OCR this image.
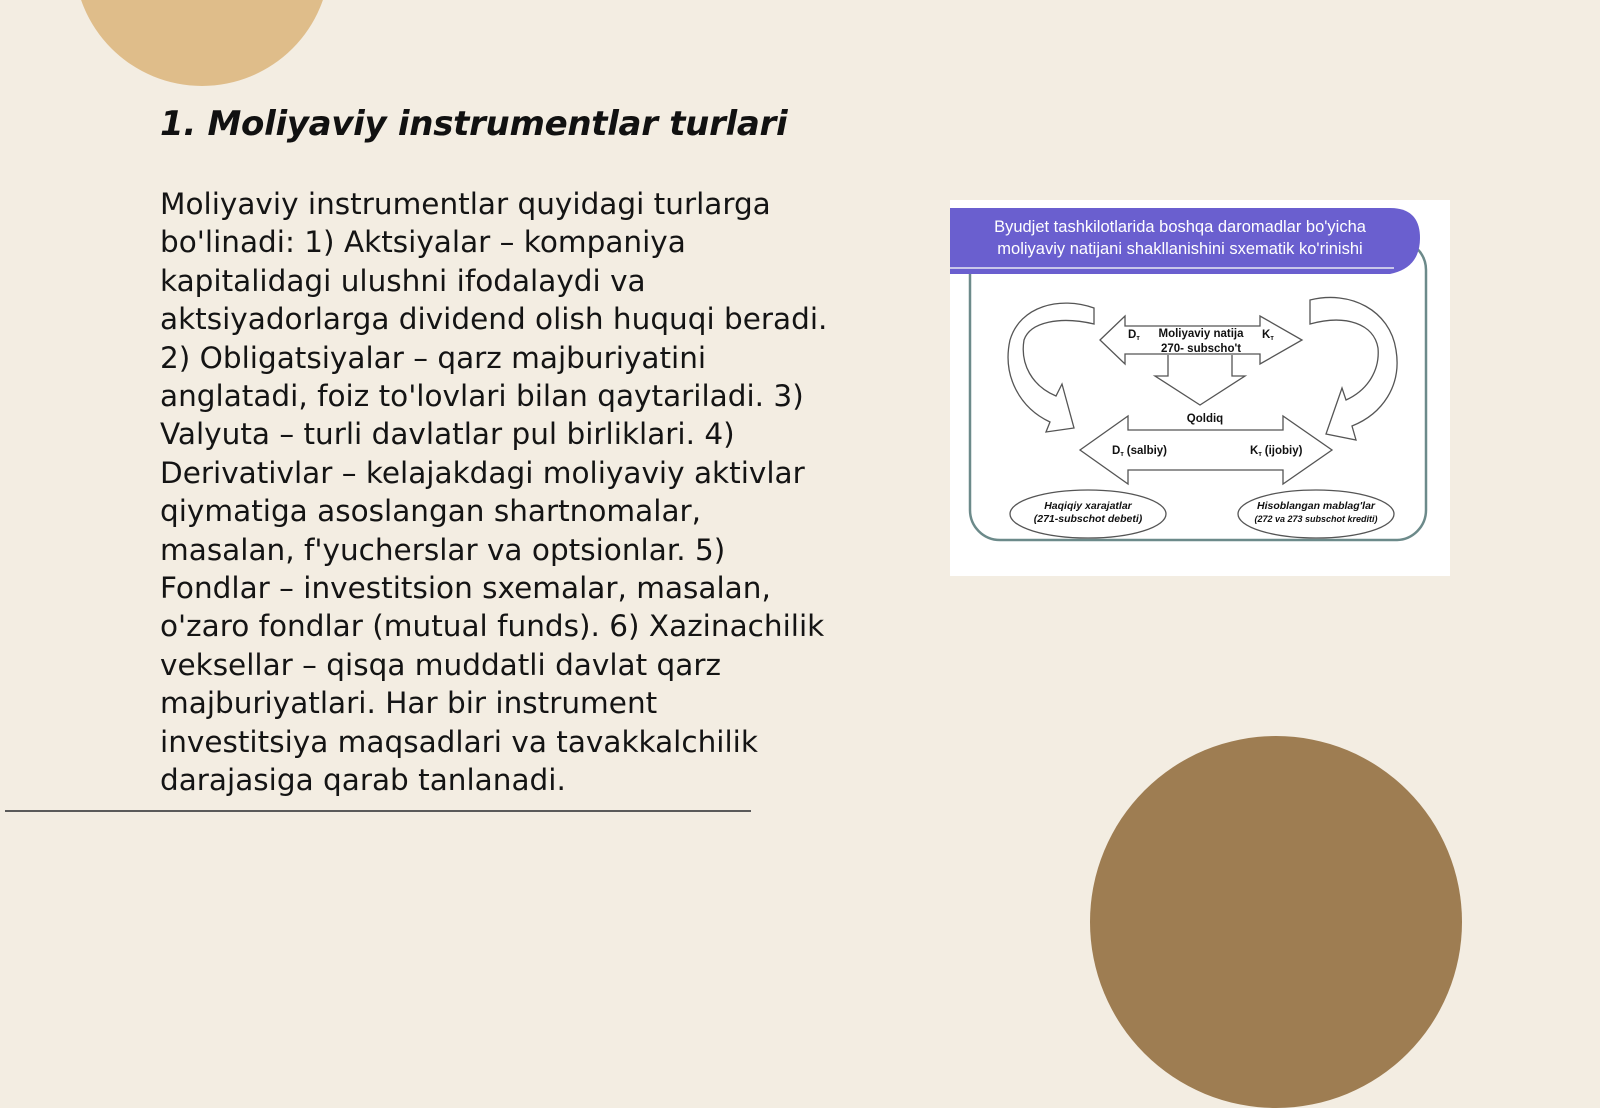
1. Moliyaviy instrumentlar turlari
Moliyaviy instrumentlar quyidagi turlarga
bo'linadi: 1) Aktsiyalar – kompaniya
kapitalidagi ulushni ifodalaydi va
aktsiyadorlarga dividend olish huquqi beradi.
2) Obligatsiyalar – qarz majburiyatini
anglatadi, foiz to'lovlari bilan qaytariladi. 3)
Valyuta – turli davlatlar pul birliklari. 4)
Derivativlar – kelajakdagi moliyaviy aktivlar
qiymatiga asoslangan shartnomalar,
masalan, f'yucherslar va optsionlar. 5)
Fondlar – investitsion sxemalar, masalan,
o'zaro fondlar (mutual funds). 6) Xazinachilik
veksellar – qisqa muddatli davlat qarz
majburiyatlari. Har bir instrument
investitsiya maqsadlari va tavakkalchilik
darajasiga qarab tanlanadi.
Byudjet tashkilotlarida boshqa daromadlar bo'yicha
moliyaviy natijani shakllanishini sxematik ko'rinishi
Dт	Kт
Moliyaviy natija
270- subscho't
Qoldiq
Dт (salbiy)	Kт (ijobiy)
Haqiqiy xarajatlar
(271-subschot debeti)
Hisoblangan mablag'lar
(272 va 273 subschot krediti)
